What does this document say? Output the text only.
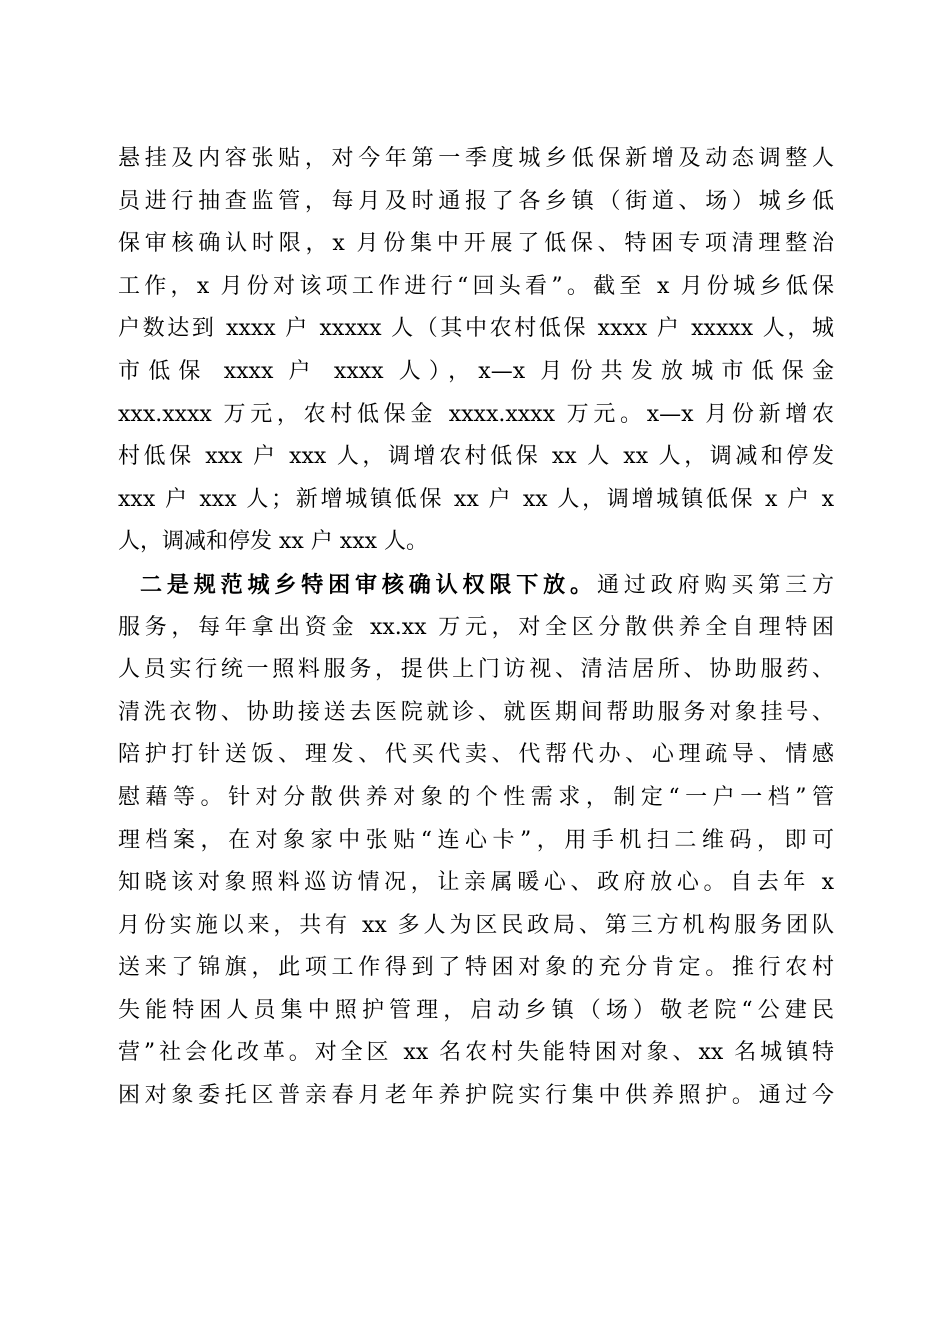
悬挂及内容张贴，对今年第一季度城乡低保新增及动态调整人
员进行抽查监管，每月及时通报了各乡镇（街道、场）城乡低
保审核确认时限，x 月份集中开展了低保、特困专项清理整治
工作，x 月份对该项工作进行“回头看”。截至 x 月份城乡低保
户数达到 xxxx 户 xxxxx 人（其中农村低保 xxxx 户 xxxxx 人，城
市低保 xxxx 户 xxxx 人），x—x 月份共发放城市低保金
xxx.xxxx 万元，农村低保金 xxxx.xxxx 万元。x—x 月份新增农
村低保 xxx 户 xxx 人，调增农村低保 xx 人 xx 人，调减和停发
xxx 户 xxx 人；新增城镇低保 xx 户 xx 人，调增城镇低保 x 户 x
人，调减和停发 xx 户 xxx 人。
二是规范城乡特困审核确认权限下放。通过政府购买第三方
服务，每年拿出资金 xx.xx 万元，对全区分散供养全自理特困
人员实行统一照料服务，提供上门访视、清洁居所、协助服药、
清洗衣物、协助接送去医院就诊、就医期间帮助服务对象挂号、
陪护打针送饭、理发、代买代卖、代帮代办、心理疏导、情感
慰藉等。针对分散供养对象的个性需求，制定“一户一档”管
理档案，在对象家中张贴“连心卡”，用手机扫二维码，即可
知晓该对象照料巡访情况，让亲属暖心、政府放心。自去年 x
月份实施以来，共有 xx 多人为区民政局、第三方机构服务团队
送来了锦旗，此项工作得到了特困对象的充分肯定。推行农村
失能特困人员集中照护管理，启动乡镇（场）敬老院“公建民
营”社会化改革。对全区 xx 名农村失能特困对象、xx 名城镇特
困对象委托区普亲春月老年养护院实行集中供养照护。通过今
